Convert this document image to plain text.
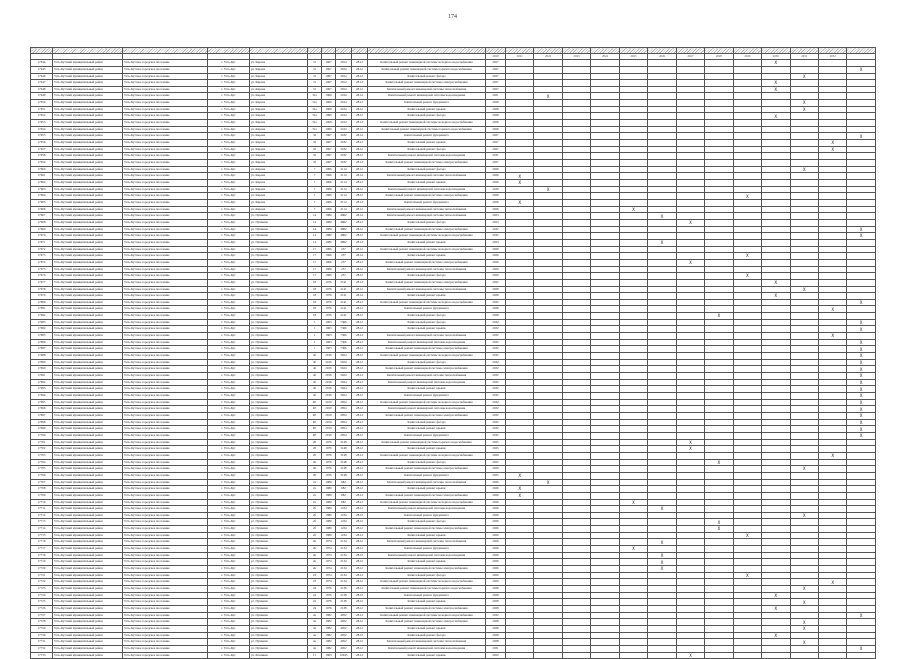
174

										2020	2021	2022	2023	2024	2025	2026	2027	2028	2029	2030	2031	2032	
17644	Усть-Кутский муниципальный район	Усть-Кутское городское поселение	г. Усть-Кут	ул. Кирова	31	1967	2814	28.12	Капитальный ремонт инженерной системы холодного водоснабжения	2027										X			
17645	Усть-Кутский муниципальный район	Усть-Кутское городское поселение	г. Усть-Кут	ул. Кирова	31	1967	2814	28.12	Капитальный ремонт инженерной системы горячего водоснабжения	2027													X
17646	Усть-Кутский муниципальный район	Усть-Кутское городское поселение	г. Усть-Кут	ул. Кирова	31	1967	2814	28.12	Капитальный ремонт фасада	2027											X		
17647	Усть-Кутский муниципальный район	Усть-Кутское городское поселение	г. Усть-Кут	ул. Кирова	31	1967	2814	28.12	Капитальный ремонт инженерной системы электроснабжения	2027										X			
17648	Усть-Кутский муниципальный район	Усть-Кутское городское поселение	г. Усть-Кут	ул. Кирова	31	1967	2814	28.12	Капитальный ремонт инженерной системы теплоснабжения	2027										X			
17649	Усть-Кутский муниципальный район	Усть-Кутское городское поселение	г. Усть-Кут	ул. Кирова	31а	1969	2164	28.12	Капитальный ремонт инженерной системы водоотведения	2021		X											
17650	Усть-Кутский муниципальный район	Усть-Кутское городское поселение	г. Усть-Кут	ул. Кирова	31а	1969	2164	28.12	Капитальный ремонт фундамента	2028											X		
17651	Усть-Кутский муниципальный район	Усть-Кутское городское поселение	г. Усть-Кут	ул. Кирова	31а	1969	2164	28.12	Капитальный ремонт крыши	2028											X		
17652	Усть-Кутский муниципальный район	Усть-Кутское городское поселение	г. Усть-Кут	ул. Кирова	31а	1969	2164	28.12	Капитальный ремонт фасада	2028										X			
17653	Усть-Кутский муниципальный район	Усть-Кутское городское поселение	г. Усть-Кут	ул. Кирова	31а	1969	2164	28.12	Капитальный ремонт инженерной системы холодного водоснабжения	2026													
17654	Усть-Кутский муниципальный район	Усть-Кутское городское поселение	г. Усть-Кут	ул. Кирова	31а	1969	2164	28.12	Капитальный ремонт инженерной системы горячего водоснабжения	2026													
17655	Усть-Кутский муниципальный район	Усть-Кутское городское поселение	г. Усть-Кут	ул. Кирова	32	1967	3182	28.12	Капитальный ремонт фундамента	2027													X
17656	Усть-Кутский муниципальный район	Усть-Кутское городское поселение	г. Усть-Кут	ул. Кирова	32	1967	3182	28.12	Капитальный ремонт крыши	2027												X	
17657	Усть-Кутский муниципальный район	Усть-Кутское городское поселение	г. Усть-Кут	ул. Кирова	32	1967	3182	28.12	Капитальный ремонт фасада	2027												X	
17658	Усть-Кутский муниципальный район	Усть-Кутское городское поселение	г. Усть-Кут	ул. Кирова	32	1967	3182	28.12	Капитальный ремонт инженерной системы водоотведения	2031													
17659	Усть-Кутский муниципальный район	Усть-Кутское городское поселение	г. Усть-Кут	ул. Кирова	32	1967	3182	28.12	Капитальный ремонт инженерной системы электроснабжения	2027													
17660	Усть-Кутский муниципальный район	Усть-Кутское городское поселение	г. Усть-Кут	ул. Кирова	7	1966	2114	28.12	Капитальный ремонт фасада	2026											X		
17661	Усть-Кутский муниципальный район	Усть-Кутское городское поселение	г. Усть-Кут	ул. Кирова	7	1966	2114	28.12	Капитальный ремонт инженерной системы теплоснабжения	2026	X												
17662	Усть-Кутский муниципальный район	Усть-Кутское городское поселение	г. Усть-Кут	ул. Кирова	7	1966	2114	28.12	Капитальный ремонт крыши	2026	X												
17663	Усть-Кутский муниципальный район	Усть-Кутское городское поселение	г. Усть-Кут	ул. Кирова	7	1966	2114	28.12	Капитальный ремонт инженерной системы водоотведения	2030		X											
17664	Усть-Кутский муниципальный район	Усть-Кутское городское поселение	г. Усть-Кут	ул. Кирова	7	1966	2114	28.12	Капитальный ремонт инженерной системы электроснабжения	2026									X				
17665	Усть-Кутский муниципальный район	Усть-Кутское городское поселение	г. Усть-Кут	ул. Кирова	7	1966	2114	28.12	Капитальный ремонт фундамента	2026	X												
17666	Усть-Кутский муниципальный район	Усть-Кутское городское поселение	г. Усть-Кут	ул. Кирова	7	1966	2114	28.12	Капитальный ремонт инженерной системы теплоснабжения	2026					X								
17667	Усть-Кутский муниципальный район	Усть-Кутское городское поселение	г. Усть-Кут	ул. Пушкина	14	1980	4862	28.12	Капитальный ремонт инженерной системы теплоснабжения	2023						X							
17668	Усть-Кутский муниципальный район	Усть-Кутское городское поселение	г. Усть-Кут	ул. Пушкина	14	1980	4862	28.12	Капитальный ремонт фасада	2023							X						
17669	Усть-Кутский муниципальный район	Усть-Кутское городское поселение	г. Усть-Кут	ул. Пушкина	14	1980	4862	28.12	Капитальный ремонт инженерной системы электроснабжения	2032													X
17670	Усть-Кутский муниципальный район	Усть-Кутское городское поселение	г. Усть-Кут	ул. Пушкина	14	1980	4862	28.12	Капитальный ремонт инженерной системы холодного водоснабжения	2032													X
17671	Усть-Кутский муниципальный район	Усть-Кутское городское поселение	г. Усть-Кут	ул. Пушкина	14	1980	4862	28.12	Капитальный ремонт крыши	2023						X							
17672	Усть-Кутский муниципальный район	Усть-Кутское городское поселение	г. Усть-Кут	ул. Пушкина	17	1966	257	28.12	Капитальный ремонт инженерной системы холодного водоснабжения	2029													
17673	Усть-Кутский муниципальный район	Усть-Кутское городское поселение	г. Усть-Кут	ул. Пушкина	17	1966	257	28.12	Капитальный ремонт крыши	2026									X				
17674	Усть-Кутский муниципальный район	Усть-Кутское городское поселение	г. Усть-Кут	ул. Пушкина	17	1966	257	28.12	Капитальный ремонт инженерной системы электроснабжения	2026							X						
17675	Усть-Кутский муниципальный район	Усть-Кутское городское поселение	г. Усть-Кут	ул. Пушкина	17	1966	257	28.12	Капитальный ремонт инженерной системы теплоснабжения	2029													
17676	Усть-Кутский муниципальный район	Усть-Кутское городское поселение	г. Усть-Кут	ул. Пушкина	17	1966	257	28.12	Капитальный ремонт фасада	2029									X				
17677	Усть-Кутский муниципальный район	Усть-Кутское городское поселение	г. Усть-Кут	ул. Пушкина	18	1976	2141	28.12	Капитальный ремонт инженерной системы электроснабжения	2022										X			
17678	Усть-Кутский муниципальный район	Усть-Кутское городское поселение	г. Усть-Кут	ул. Пушкина	18	1976	2141	28.12	Капитальный ремонт инженерной системы теплоснабжения	2028											X		
17679	Усть-Кутский муниципальный район	Усть-Кутское городское поселение	г. Усть-Кут	ул. Пушкина	18	1976	2141	28.12	Капитальный ремонт крыши	2028										X			
17680	Усть-Кутский муниципальный район	Усть-Кутское городское поселение	г. Усть-Кут	ул. Пушкина	18	1976	2141	28.12	Капитальный ремонт инженерной системы холодного водоснабжения	2032													X
17681	Усть-Кутский муниципальный район	Усть-Кутское городское поселение	г. Усть-Кут	ул. Пушкина	18	1976	2141	28.12	Капитальный ремонт фундамента	2028												X	
17682	Усть-Кутский муниципальный район	Усть-Кутское городское поселение	г. Усть-Кут	ул. Пушкина	18	1976	2141	28.12	Капитальный ремонт фасада	2028								X					
17683	Усть-Кутский муниципальный район	Усть-Кутское городское поселение	г. Усть-Кут	ул. Пушкина	1	1963	7366	28.12	Капитальный ремонт фасада	2032													X
17684	Усть-Кутский муниципальный район	Усть-Кутское городское поселение	г. Усть-Кут	ул. Пушкина	1	1963	7366	28.12	Капитальный ремонт крыши	2032													X
17685	Усть-Кутский муниципальный район	Усть-Кутское городское поселение	г. Усть-Кут	ул. Пушкина	1	1963	7366	28.12	Капитальный ремонт инженерной системы теплоснабжения	2032												X	
17686	Усть-Кутский муниципальный район	Усть-Кутское городское поселение	г. Усть-Кут	ул. Пушкина	1	1963	7366	28.12	Капитальный ремонт инженерной системы водоотведения	2032													X
17687	Усть-Кутский муниципальный район	Усть-Кутское городское поселение	г. Усть-Кут	ул. Пушкина	1	1963	7366	28.12	Капитальный ремонт инженерной системы электроснабжения	2032													X
17688	Усть-Кутский муниципальный район	Усть-Кутское городское поселение	г. Усть-Кут	ул. Пушкина	4б	2016	5624	28.12	Капитальный ремонт инженерной системы холодного водоснабжения	2032													X
17689	Усть-Кутский муниципальный район	Усть-Кутское городское поселение	г. Усть-Кут	ул. Пушкина	4б	2016	5624	28.12	Капитальный ремонт фасада	2032													X
17690	Усть-Кутский муниципальный район	Усть-Кутское городское поселение	г. Усть-Кут	ул. Пушкина	4б	2016	5624	28.12	Капитальный ремонт инженерной системы электроснабжения	2032													X
17691	Усть-Кутский муниципальный район	Усть-Кутское городское поселение	г. Усть-Кут	ул. Пушкина	4б	2016	5624	28.12	Капитальный ремонт инженерной системы теплоснабжения	2032													X
17692	Усть-Кутский муниципальный район	Усть-Кутское городское поселение	г. Усть-Кут	ул. Пушкина	4б	2016	5624	28.12	Капитальный ремонт инженерной системы водоотведения	2032													X
17693	Усть-Кутский муниципальный район	Усть-Кутское городское поселение	г. Усть-Кут	ул. Пушкина	4б	2016	5624	28.12	Капитальный ремонт крыши	2032													X
17694	Усть-Кутский муниципальный район	Усть-Кутское городское поселение	г. Усть-Кут	ул. Пушкина	4б	2016	5624	28.12	Капитальный ремонт фундамента	2032													X
17695	Усть-Кутский муниципальный район	Усть-Кутское городское поселение	г. Усть-Кут	ул. Пушкина	4Е	2019	2854	28.12	Капитальный ремонт инженерной системы холодного водоснабжения	2032													X
17696	Усть-Кутский муниципальный район	Усть-Кутское городское поселение	г. Усть-Кут	ул. Пушкина	4Е	2019	2854	28.12	Капитальный ремонт инженерной системы водоотведения	2032													X
17697	Усть-Кутский муниципальный район	Усть-Кутское городское поселение	г. Усть-Кут	ул. Пушкина	4Е	2019	2854	28.12	Капитальный ремонт инженерной системы электроснабжения	2032													X
17698	Усть-Кутский муниципальный район	Усть-Кутское городское поселение	г. Усть-Кут	ул. Пушкина	4Е	2019	2854	28.12	Капитальный ремонт фасада	2032													X
17699	Усть-Кутский муниципальный район	Усть-Кутское городское поселение	г. Усть-Кут	ул. Пушкина	4Е	2019	2854	28.12	Капитальный ремонт крыши	2032													X
17700	Усть-Кутский муниципальный район	Усть-Кутское городское поселение	г. Усть-Кут	ул. Пушкина	4Е	2019	2854	28.12	Капитальный ремонт фундамента	2032													X
17701	Усть-Кутский муниципальный район	Усть-Кутское городское поселение	г. Усть-Кут	ул. Пушкина	20	1976	3148	28.12	Капитальный ремонт инженерной системы горячего водоснабжения	2025							X						
17702	Усть-Кутский муниципальный район	Усть-Кутское городское поселение	г. Усть-Кут	ул. Пушкина	20	1976	3148	28.12	Капитальный ремонт крыши	2025							X						
17703	Усть-Кутский муниципальный район	Усть-Кутское городское поселение	г. Усть-Кут	ул. Пушкина	20	1976	3148	28.12	Капитальный ремонт инженерной системы холодного водоснабжения	2029												X	
17704	Усть-Кутский муниципальный район	Усть-Кутское городское поселение	г. Усть-Кут	ул. Пушкина	20	1976	3148	28.12	Капитальный ремонт фасада	2025								X					
17705	Усть-Кутский муниципальный район	Усть-Кутское городское поселение	г. Усть-Кут	ул. Пушкина	20	1976	3148	28.12	Капитальный ремонт инженерной системы электроснабжения	2029											X		
17706	Усть-Кутский муниципальный район	Усть-Кутское городское поселение	г. Усть-Кут	ул. Пушкина	20	1976	3148	28.12	Капитальный ремонт фундамента	2025	X												
17707	Усть-Кутский муниципальный район	Усть-Кутское городское поселение	г. Усть-Кут	ул. Пушкина	2а	1980	682	28.12	Капитальный ремонт инженерной системы теплоснабжения	2026		X											
17708	Усть-Кутский муниципальный район	Усть-Кутское городское поселение	г. Усть-Кут	ул. Пушкина	2а	1980	682	28.12	Капитальный ремонт крыши	2026	X												
17709	Усть-Кутский муниципальный район	Усть-Кутское городское поселение	г. Усть-Кут	ул. Пушкина	2а	1980	682	28.12	Капитальный ремонт инженерной системы электроснабжения	2026	X												
17710	Усть-Кутский муниципальный район	Усть-Кутское городское поселение	г. Усть-Кут	ул. Пушкина	2а	1980	682	28.12	Капитальный ремонт инженерной системы холодного водоснабжения	2026					X								
17711	Усть-Кутский муниципальный район	Усть-Кутское городское поселение	г. Усть-Кут	ул. Пушкина	2б	1980	1234	28.12	Капитальный ремонт инженерной системы водоотведения	2026						X							
17712	Усть-Кутский муниципальный район	Усть-Кутское городское поселение	г. Усть-Кут	ул. Пушкина	2б	1980	1234	28.12	Капитальный ремонт фундамента	2026											X		
17713	Усть-Кутский муниципальный район	Усть-Кутское городское поселение	г. Усть-Кут	ул. Пушкина	2б	1980	1234	28.12	Капитальный ремонт фасада	2026								X					
17714	Усть-Кутский муниципальный район	Усть-Кутское городское поселение	г. Усть-Кут	ул. Пушкина	2б	1980	1234	28.12	Капитальный ремонт инженерной системы электроснабжения	2026								X					
17715	Усть-Кутский муниципальный район	Усть-Кутское городское поселение	г. Усть-Кут	ул. Пушкина	2б	1980	1234	28.12	Капитальный ремонт крыши	2029									X				
17716	Усть-Кутский муниципальный район	Усть-Кутское городское поселение	г. Усть-Кут	ул. Пушкина	2в	1974	2134	28.12	Капитальный ремонт инженерной системы теплоснабжения	2026						X							
17717	Усть-Кутский муниципальный район	Усть-Кутское городское поселение	г. Усть-Кут	ул. Пушкина	2в	1974	2134	28.12	Капитальный ремонт фундамента	2026					X								
17718	Усть-Кутский муниципальный район	Усть-Кутское городское поселение	г. Усть-Кут	ул. Пушкина	2в	1974	2134	28.12	Капитальный ремонт инженерной системы водоотведения	2026						X							
17719	Усть-Кутский муниципальный район	Усть-Кутское городское поселение	г. Усть-Кут	ул. Пушкина	2в	1974	2134	28.12	Капитальный ремонт крыши	2026						X							
17720	Усть-Кутский муниципальный район	Усть-Кутское городское поселение	г. Усть-Кут	ул. Пушкина	2в	1974	2134	28.12	Капитальный ремонт инженерной системы электроснабжения	2026						X							
17721	Усть-Кутский муниципальный район	Усть-Кутское городское поселение	г. Усть-Кут	ул. Пушкина	23	1974	2134	28.12	Капитальный ремонт фасада	2029									X				
17722	Усть-Кутский муниципальный район	Усть-Кутское городское поселение	г. Усть-Кут	ул. Пушкина	23	1974	2134	28.12	Капитальный ремонт инженерной системы холодного водоснабжения	2029												X	
17723	Усть-Кутский муниципальный район	Усть-Кутское городское поселение	г. Усть-Кут	ул. Пушкина	24	1976	2138	28.12	Капитальный ремонт инженерной системы горячего водоснабжения	2028											X		
17724	Усть-Кутский муниципальный район	Усть-Кутское городское поселение	г. Усть-Кут	ул. Пушкина	24	1976	2138	28.12	Капитальный ремонт фундамента	2028										X			
17725	Усть-Кутский муниципальный район	Усть-Кутское городское поселение	г. Усть-Кут	ул. Пушкина	24	1976	2138	28.12	Капитальный ремонт крыши	2028											X		
17726	Усть-Кутский муниципальный район	Усть-Кутское городское поселение	г. Усть-Кут	ул. Пушкина	24	1976	2138	28.12	Капитальный ремонт инженерной системы электроснабжения	2028										X			
17727	Усть-Кутский муниципальный район	Усть-Кутское городское поселение	г. Усть-Кут	ул. Пушкина	4а	1982	4952	28.12	Капитальный ремонт инженерной системы холодного водоснабжения	2032													X
17728	Усть-Кутский муниципальный район	Усть-Кутское городское поселение	г. Усть-Кут	ул. Пушкина	4а	1982	4952	28.12	Капитальный ремонт инженерной системы электроснабжения	2028											X		
17729	Усть-Кутский муниципальный район	Усть-Кутское городское поселение	г. Усть-Кут	ул. Пушкина	4а	1982	4952	28.12	Капитальный ремонт крыши	2028											X		
17730	Усть-Кутский муниципальный район	Усть-Кутское городское поселение	г. Усть-Кут	ул. Пушкина	4а	1982	4952	28.12	Капитальный ремонт фасада	2028										X			
17731	Усть-Кутский муниципальный район	Усть-Кутское городское поселение	г. Усть-Кут	ул. Пушкина	4а	1982	4952	28.12	Капитальный ремонт инженерной системы теплоснабжения	2028											X		
17732	Усть-Кутский муниципальный район	Усть-Кутское городское поселение	г. Усть-Кут	ул. Пушкина	4а	1982	4952	28.12	Капитальный ремонт инженерной системы водоотведения	2031													X
17733	Усть-Кутский муниципальный район	Усть-Кутское городское поселение	г. Усть-Кут	ул. Речников	11	1963	12945	28.12	Капитальный ремонт крыши	2022							X						
